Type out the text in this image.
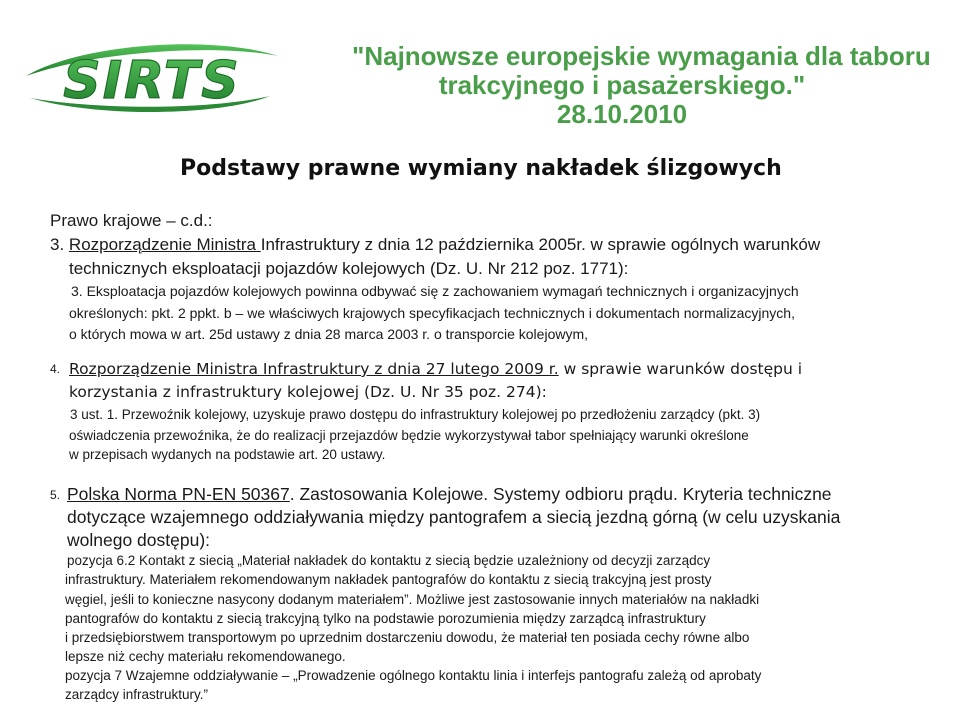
SIRTS	"Najnowsze europejskie wymagania dla taboru
trakcyjnego i pasażerskiego."
28.10.2010
Podstawy prawne wymiany nakładek ślizgowych
Prawo krajowe – c.d.:
3. Rozporządzenie Ministra Infrastruktury z dnia 12 października 2005r. w sprawie ogólnych warunków
technicznych eksploatacji pojazdów kolejowych (Dz. U. Nr 212 poz. 1771):
3. Eksploatacja pojazdów kolejowych powinna odbywać się z zachowaniem wymagań technicznych i organizacyjnych
określonych: pkt. 2 ppkt. b – we właściwych krajowych specyfikacjach technicznych i dokumentach normalizacyjnych,
o których mowa w art. 25d ustawy z dnia 28 marca 2003 r. o transporcie kolejowym,
4. Rozporządzenie Ministra Infrastruktury z dnia 27 lutego 2009 r. w sprawie warunków dostępu i
korzystania z infrastruktury kolejowej (Dz. U. Nr 35 poz. 274):
3 ust. 1. Przewoźnik kolejowy, uzyskuje prawo dostępu do infrastruktury kolejowej po przedłożeniu zarządcy (pkt. 3)
oświadczenia przewoźnika, że do realizacji przejazdów będzie wykorzystywał tabor spełniający warunki określone
w przepisach wydanych na podstawie art. 20 ustawy.
5. Polska Norma PN-EN 50367. Zastosowania Kolejowe. Systemy odbioru prądu. Kryteria techniczne
dotyczące wzajemnego oddziaływania między pantografem a siecią jezdną górną (w celu uzyskania
wolnego dostępu):
pozycja 6.2 Kontakt z siecią „Materiał nakładek do kontaktu z siecią będzie uzależniony od decyzji zarządcy
infrastruktury. Materiałem rekomendowanym nakładek pantografów do kontaktu z siecią trakcyjną jest prosty
węgiel, jeśli to konieczne nasycony dodanym materiałem”. Możliwe jest zastosowanie innych materiałów na nakładki
pantografów do kontaktu z siecią trakcyjną tylko na podstawie porozumienia między zarządcą infrastruktury
i przedsiębiorstwem transportowym po uprzednim dostarczeniu dowodu, że materiał ten posiada cechy równe albo
lepsze niż cechy materiału rekomendowanego.
pozycja 7 Wzajemne oddziaływanie – „Prowadzenie ogólnego kontaktu linia i interfejs pantografu zależą od aprobaty
zarządcy infrastruktury.”
